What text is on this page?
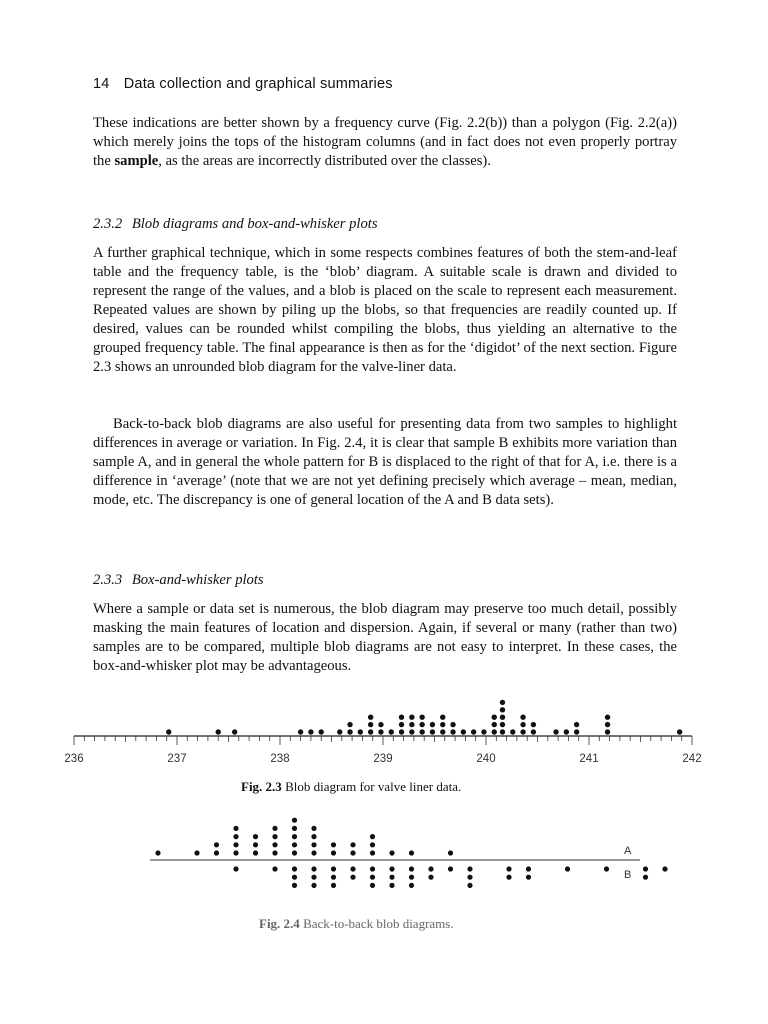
14 Data collection and graphical summaries

These indications are better shown by a frequency curve (Fig. 2.2(b)) than a polygon (Fig. 2.2(a)) which merely joins the tops of the histogram columns (and in fact does not even properly portray the sample, as the areas are incorrectly distributed over the classes).

2.3.2 Blob diagrams and box-and-whisker plots

A further graphical technique, which in some respects combines features of both the stem-and-leaf table and the frequency table, is the ‘blob’ diagram. A suitable scale is drawn and divided to represent the range of the values, and a blob is placed on the scale to represent each measurement. Repeated values are shown by piling up the blobs, so that frequencies are readily counted up. If desired, values can be rounded whilst compiling the blobs, thus yielding an alternative to the grouped frequency table. The final appearance is then as for the ‘digidot’ of the next section. Figure 2.3 shows an unrounded blob diagram for the valve-liner data.

Back-to-back blob diagrams are also useful for presenting data from two samples to highlight differences in average or variation. In Fig. 2.4, it is clear that sample B exhibits more variation than sample A, and in general the whole pattern for B is displaced to the right of that for A, i.e. there is a difference in ‘average’ (note that we are not yet defining precisely which average – mean, median, mode, etc. The discrepancy is one of general location of the A and B data sets).

2.3.3 Box-and-whisker plots

Where a sample or data set is numerous, the blob diagram may preserve too much detail, possibly masking the main features of location and dispersion. Again, if several or many (rather than two) samples are to be compared, multiple blob diagrams are not easy to interpret. In these cases, the box-and-whisker plot may be advantageous.

236	237	238	239	240	241	242
Fig. 2.3 Blob diagram for valve liner data.
A
B
Fig. 2.4 Back-to-back blob diagrams.
